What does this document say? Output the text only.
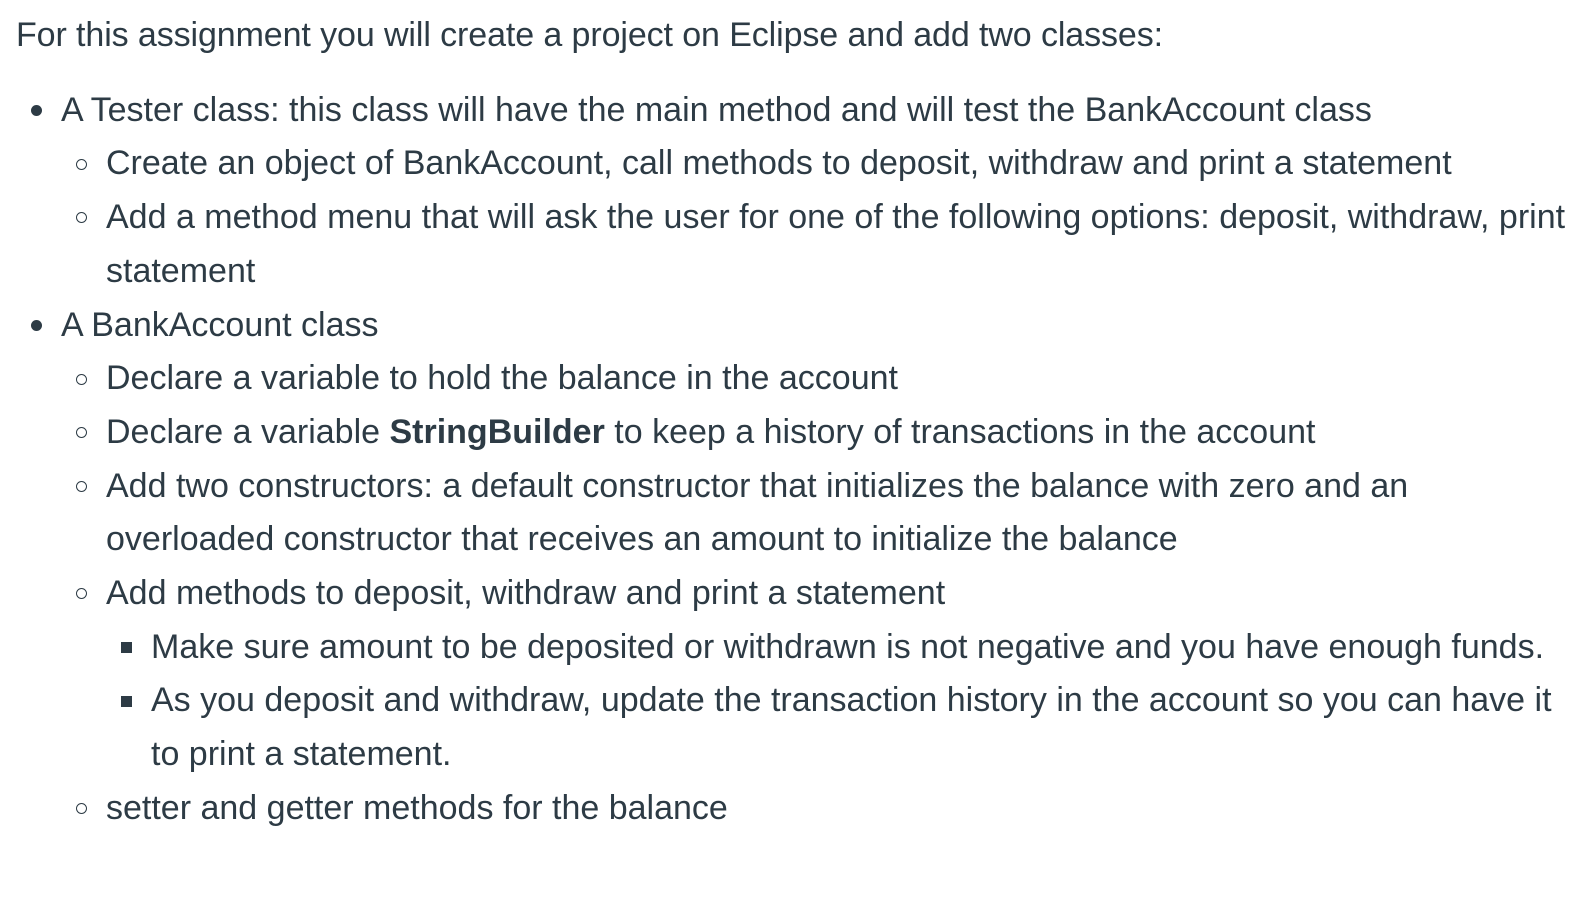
For this assignment you will create a project on Eclipse and add two classes:

A Tester class: this class will have the main method and will test the BankAccount class
Create an object of BankAccount, call methods to deposit, withdraw and print a statement
Add a method menu that will ask the user for one of the following options: deposit, withdraw, print statement
A BankAccount class
Declare a variable to hold the balance in the account
Declare a variable StringBuilder to keep a history of transactions in the account
Add two constructors: a default constructor that initializes the balance with zero and an overloaded constructor that receives an amount to initialize the balance
Add methods to deposit, withdraw and print a statement
Make sure amount to be deposited or withdrawn is not negative and you have enough funds.
As you deposit and withdraw, update the transaction history in the account so you can have it to print a statement.
setter and getter methods for the balance
